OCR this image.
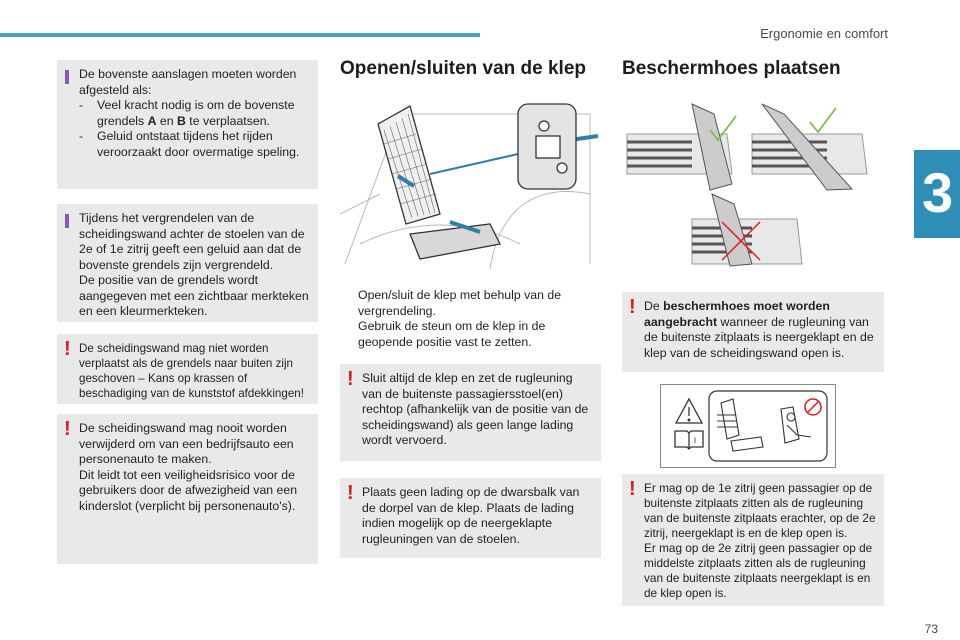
Ergonomie en comfort
3

De bovenste aanslagen moeten worden afgesteld als:

-	Veel kracht nodig is om de bovenste grendels A en B te verplaatsen.
-	Geluid ontstaat tijdens het rijden veroorzaakt door overmatige speling.

Tijdens het vergrendelen van de scheidingswand achter de stoelen van de 2e of 1e zitrij geeft een geluid aan dat de bovenste grendels zijn vergrendeld.

De positie van de grendels wordt aangegeven met een zichtbaar merkteken en een kleurmerkteken.

! De scheidingswand mag niet worden verplaatst als de grendels naar buiten zijn geschoven – Kans op krassen of beschadiging van de kunststof afdekkingen!

! De scheidingswand mag nooit worden verwijderd om van een bedrijfsauto een personenauto te maken.

Dit leidt tot een veiligheidsrisico voor de gebruikers door de afwezigheid van een kinderslot (verplicht bij personenauto's).

Openen/sluiten van de klep
Open/sluit de klep met behulp van de vergrendeling.
Gebruik de steun om de klep in de geopende positie vast te zetten.
! Sluit altijd de klep en zet de rugleuning van de buitenste passagiersstoel(en) rechtop (afhankelijk van de positie van de scheidingswand) als geen lange lading wordt vervoerd.

! Plaats geen lading op de dwarsbalk van de dorpel van de klep. Plaats de lading indien mogelijk op de neergeklapte rugleuningen van de stoelen.

Beschermhoes plaatsen
! De beschermhoes moet worden aangebracht wanneer de rugleuning van de buitenste zitplaats is neergeklapt en de klep van de scheidingswand open is.

i
! Er mag op de 1e zitrij geen passagier op de buitenste zitplaats zitten als de rugleuning van de buitenste zitplaats erachter, op de 2e zitrij, neergeklapt is en de klep open is.

Er mag op de 2e zitrij geen passagier op de middelste zitplaats zitten als de rugleuning van de buitenste zitplaats neergeklapt is en de klep open is.

73
